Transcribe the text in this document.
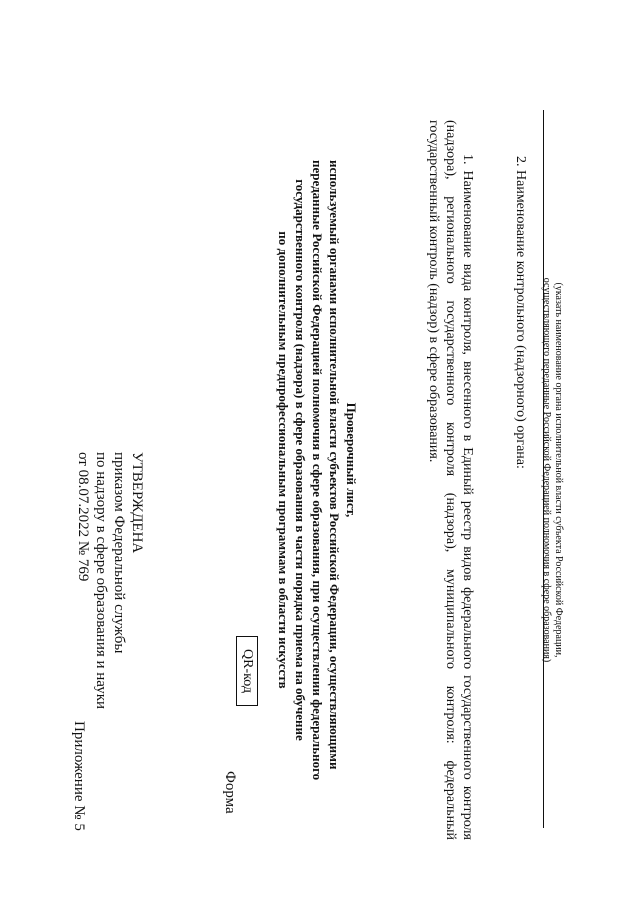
Приложение № 5
УТВЕРЖДЕНА
приказом Федеральной службы
по надзору в сфере образования и науки
от 08.07.2022 № 769
Форма
QR-код
Проверочный лист,
используемый органами исполнительной власти субъектов Российской Федерации, осуществляющими
переданные Российской Федерацией полномочия в сфере образования, при осуществлении федерального
государственного контроля (надзора) в сфере образования в части порядка приема на обучение
по дополнительным предпрофессиональным программам в области искусств
1.
Наименование
вида
контроля,
внесенного
в
Единый
реестр
видов
федерального
государственного
контроля
(надзора),
регионального
государственного
контроля
(надзора),
муниципального
контроля:
федеральный
государственный контроль (надзор) в сфере образования.	2. Наименование контрольного (надзорного) органа:	(указать наименование органа исполнительной власти субъекта Российской Федерации,
осуществляющего переданные Российской Федерацией полномочия в сфере образования)
